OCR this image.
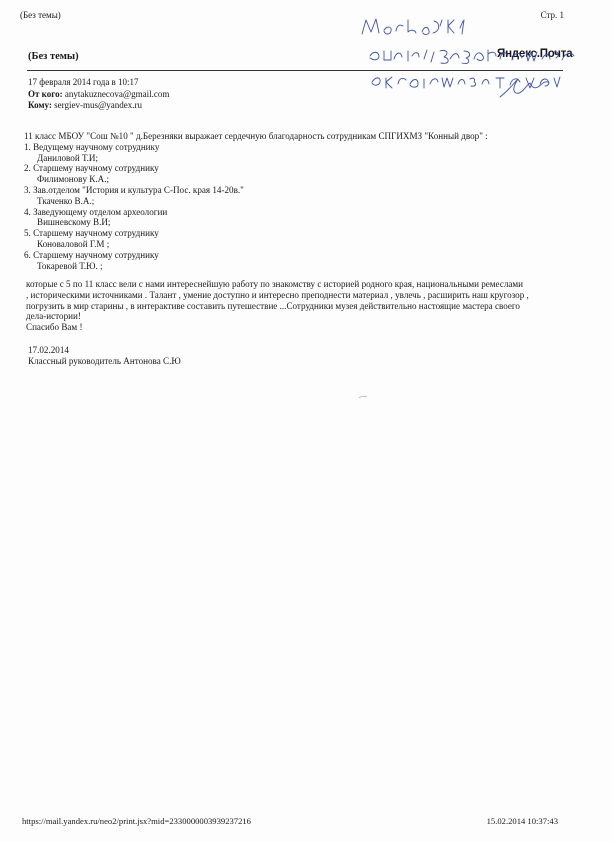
(Без темы)	Стр. 1
(Без темы)	Яндекс.Почта
17 февраля 2014 года в 10:17
От кого: anytakuznecova@gmail.com
Кому: sergiev-mus@yandex.ru
11 класс МБОУ "Сош №10 " д.Березняки выражает сердечную благодарность сотрудникам СПГИХМЗ "Конный двор" :
1. Ведущему научному сотруднику
Даниловой Т.И;
2. Старшему научному сотруднику
Филимоновy К.А.;
3. Зав.отделом "История и культура С-Пос. края 14-20в."
Ткаченко В.А.;
4. Заведующему отделом археологии
Вишневскому В.И;
5. Старшему научному сотруднику
Коноваловой Г.М ;
6. Старшему научному сотруднику
Токаревой Т.Ю. ;
которые с 5 по 11 класс вели с нами интереснейшую работу по знакомству с историей родного края, национальными ремеслами
, историческими источниками . Талант , умение доступно и интересно преподнести материал , увлечь , расширить наш кругозор ,
погрузить в мир старины , в интерактиве составить путешествие ...Сотрудники музея действительно настоящие мастера своего
дела-истории!
Спасибо Вам !
17.02.2014
Классный руководитель Антонова С.Ю
https://mail.yandex.ru/neo2/print.jsx?mid=2330000003939237216	15.02.2014 10:37:43
